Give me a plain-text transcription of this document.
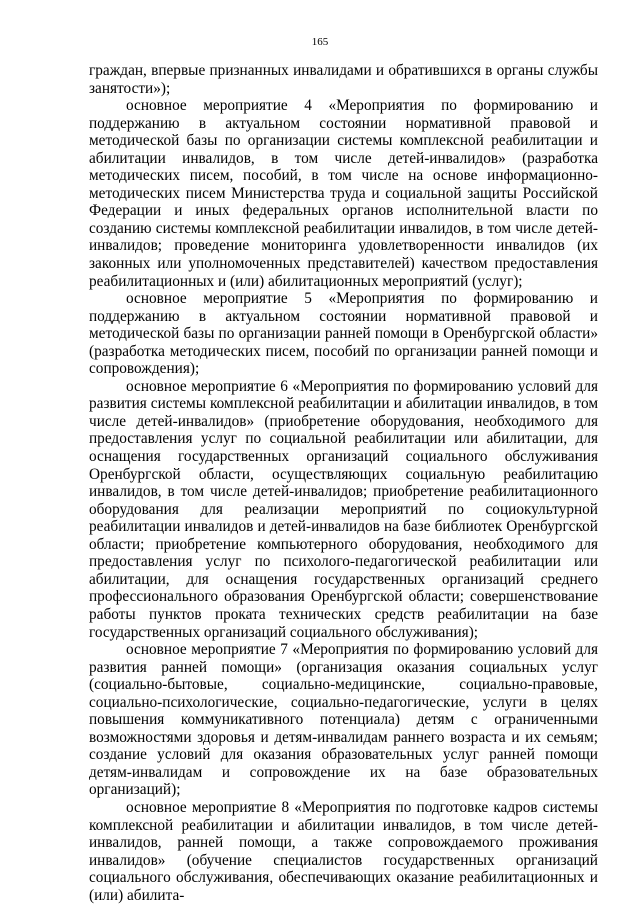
165

граждан, впервые признанных инвалидами и обратившихся в органы службы занятости»);

основное мероприятие 4 «Мероприятия по формированию и поддержанию в актуальном состоянии нормативной правовой и методической базы по организации системы комплексной реабилитации и абилитации инвалидов, в том числе детей-инвалидов» (разработка методических писем, пособий, в том числе на основе информационно-методических писем Министерства труда и социальной защиты Российской Федерации и иных федеральных органов исполнительной власти по созданию системы комплексной реабилитации инвалидов, в том числе детей-инвалидов; проведение мониторинга удовлетворенности инвалидов (их законных или уполномоченных представителей) качеством предоставления реабилитационных и (или) абилитационных мероприятий (услуг);

основное мероприятие 5 «Мероприятия по формированию и поддержанию в актуальном состоянии нормативной правовой и методической базы по организации ранней помощи в Оренбургской области» (разработка методических писем, пособий по организации ранней помощи и сопровождения);

основное мероприятие 6 «Мероприятия по формированию условий для развития системы комплексной реабилитации и абилитации инвалидов, в том числе детей-инвалидов» (приобретение оборудования, необходимого для предоставления услуг по социальной реабилитации или абилитации, для оснащения государственных организаций социального обслуживания Оренбургской области, осуществляющих социальную реабилитацию инвалидов, в том числе детей-инвалидов; приобретение реабилитационного оборудования для реализации мероприятий по социокультурной реабилитации инвалидов и детей-инвалидов на базе библиотек Оренбургской области; приобретение компьютерного оборудования, необходимого для предоставления услуг по психолого-педагогической реабилитации или абилитации, для оснащения государственных организаций среднего профессионального образования Оренбургской области; совершенствование работы пунктов проката технических средств реабилитации на базе государственных организаций социального обслуживания);

основное мероприятие 7 «Мероприятия по формированию условий для развития ранней помощи» (организация оказания социальных услуг (социально-бытовые, социально-медицинские, социально-правовые, социально-психологические, социально-педагогические, услуги в целях повышения коммуникативного потенциала) детям с ограниченными возможностями здоровья и детям-инвалидам раннего возраста и их семьям; создание условий для оказания образовательных услуг ранней помощи детям-инвалидам и сопровождение их на базе образовательных организаций);

основное мероприятие 8 «Мероприятия по подготовке кадров системы комплексной реабилитации и абилитации инвалидов, в том числе детей-инвалидов, ранней помощи, а также сопровождаемого проживания инвалидов» (обучение специалистов государственных организаций социального обслуживания, обеспечивающих оказание реабилитационных и (или) абилита-
